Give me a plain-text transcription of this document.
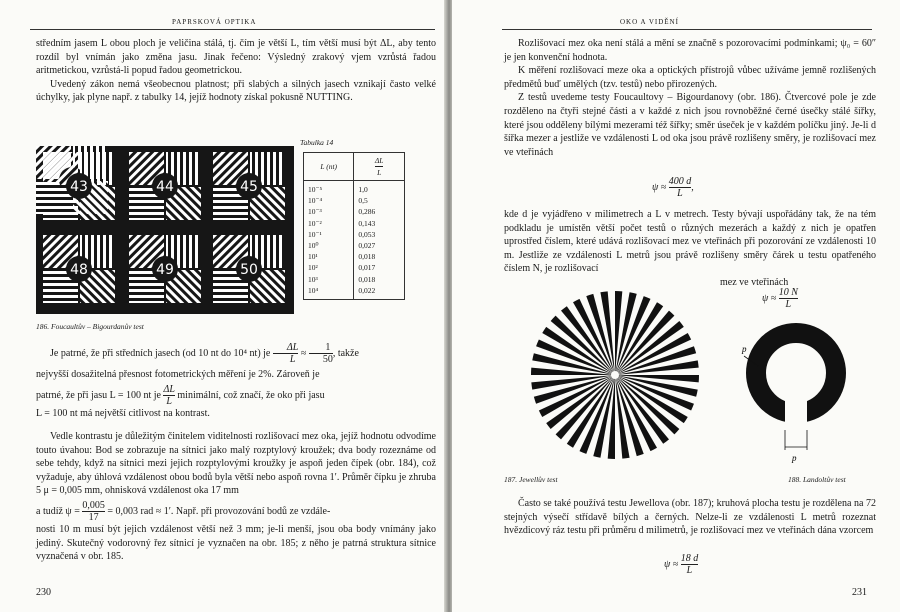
PAPRSKOVÁ OPTIKA

středním jasem L obou ploch je veličina stálá, tj. čím je větší L, tím větší musí být ΔL, aby tento rozdíl byl vnímán jako změna jasu. Jinak řečeno: Výsledný zrakový vjem vzrůstá řadou aritmetickou, vzrůstá-li popud řadou geometrickou.

Uvedený zákon nemá všeobecnou platnost; při slabých a silných jasech vznikají často velké úchylky, jak plyne např. z tabulky 14, jejíž hodnoty získal pokusně NUTTING.

43	44	45
48	49	50
186. Foucaultův – Bigourdanův test
Tabulka 14
L (nt)	$\frac{\Delta L}{L}$

10⁻⁵	1,0
10⁻⁴	0,5
10⁻³	0,286
10⁻²	0,143
10⁻¹	0,053
10⁰	0,027
10¹	0,018
10²	0,017
10³	0,018
10⁴	0,022

Je patrné, že při středních jasech (od 10 nt do 10⁴ nt) je $\frac{\Delta L}{L} \approx \frac{1}{50}$ , takže

nejvyšší dosažitelná přesnost fotometrických měření je 2%. Zároveň je

patrné, že při jasu L = 100 nt je $\frac{\Delta L}{L}$ minimální, což značí, že oko při jasu

L = 100 nt má největší citlivost na kontrast.

Vedle kontrastu je důležitým činitelem viditelnosti rozlišovací mez oka, jejíž hodnotu odvodíme touto úvahou: Bod se zobrazuje na sítnici jako malý rozptylový kroužek; dva body rozeznáme od sebe tehdy, když na sítnici mezi jejich rozptylovými kroužky je aspoň jeden čípek (obr. 184), což vyžaduje, aby úhlová vzdálenost obou bodů byla větší nebo aspoň rovna 1′. Průměr čípku je zhruba 5 μ = 0,005 mm, ohnisková vzdálenost oka 17 mm

a tudíž $\psi = \frac{0,005}{17} = 0,003$ rad ≈ 1′. Např. při provozování bodů ze vzdále-

nosti 10 m musí být jejich vzdálenost větší než 3 mm; je-li menší, jsou oba body vnímány jako jediný. Skutečný vodorovný řez sítnicí je vyznačen na obr. 185; z něho je patrná struktura sítnice vyznačená v obr. 185.

230
OKO A VIDĚNÍ

Rozlišovací mez oka není stálá a mění se značně s pozorovacími podmínkami; ψ₀ = 60″ je jen konvenční hodnota.

K měření rozlišovací meze oka a optických přístrojů vůbec užíváme jemně rozlišených předmětů buď umělých (tzv. testů) nebo přirozených.

Z testů uvedeme testy Foucaultovy – Bigourdanovy (obr. 186). Čtvercové pole je zde rozděleno na čtyři stejné části a v každé z nich jsou rovnoběžné černé úsečky stálé šířky, které jsou odděleny bílými mezerami též šířky; směr úseček je v každém políčku jiný. Je-li d šířka mezer a jestliže ve vzdálenosti L od oka jsou právě rozlišeny směry, je rozlišovací mez ve vteřinách

$\psi \approx \frac{400 d}{L}$ ,

kde d je vyjádřeno v milimetrech a L v metrech. Testy bývají uspořádány tak, že na tém podkladu je umístěn větší počet testů o různých mezerách a každý z nich je opatřen uprostřed číslem, které udává rozlišovací mez ve vteřinách při pozorování ze vzdálenosti 10 m. Jestliže ze vzdálenosti L metrů jsou právě rozlišeny směry čárek u testu opatřeného číslem N, je rozlišovací

mez ve vteřinách

$\psi \approx \frac{10 N}{L}$
187. Jewellův test
p
p
188. Landoltův test

Často se také používá testu Jewellova (obr. 187); kruhová plocha testu je rozdělena na 72 stejných výsečí střídavě bílých a černých. Nelze-li ze vzdálenosti L metrů rozeznat hvězdicový ráz testu při průměru d milimetrů, je rozlišovací mez ve vteřinách dána vzorcem

$\psi \approx \frac{18 d}{L}$
231
